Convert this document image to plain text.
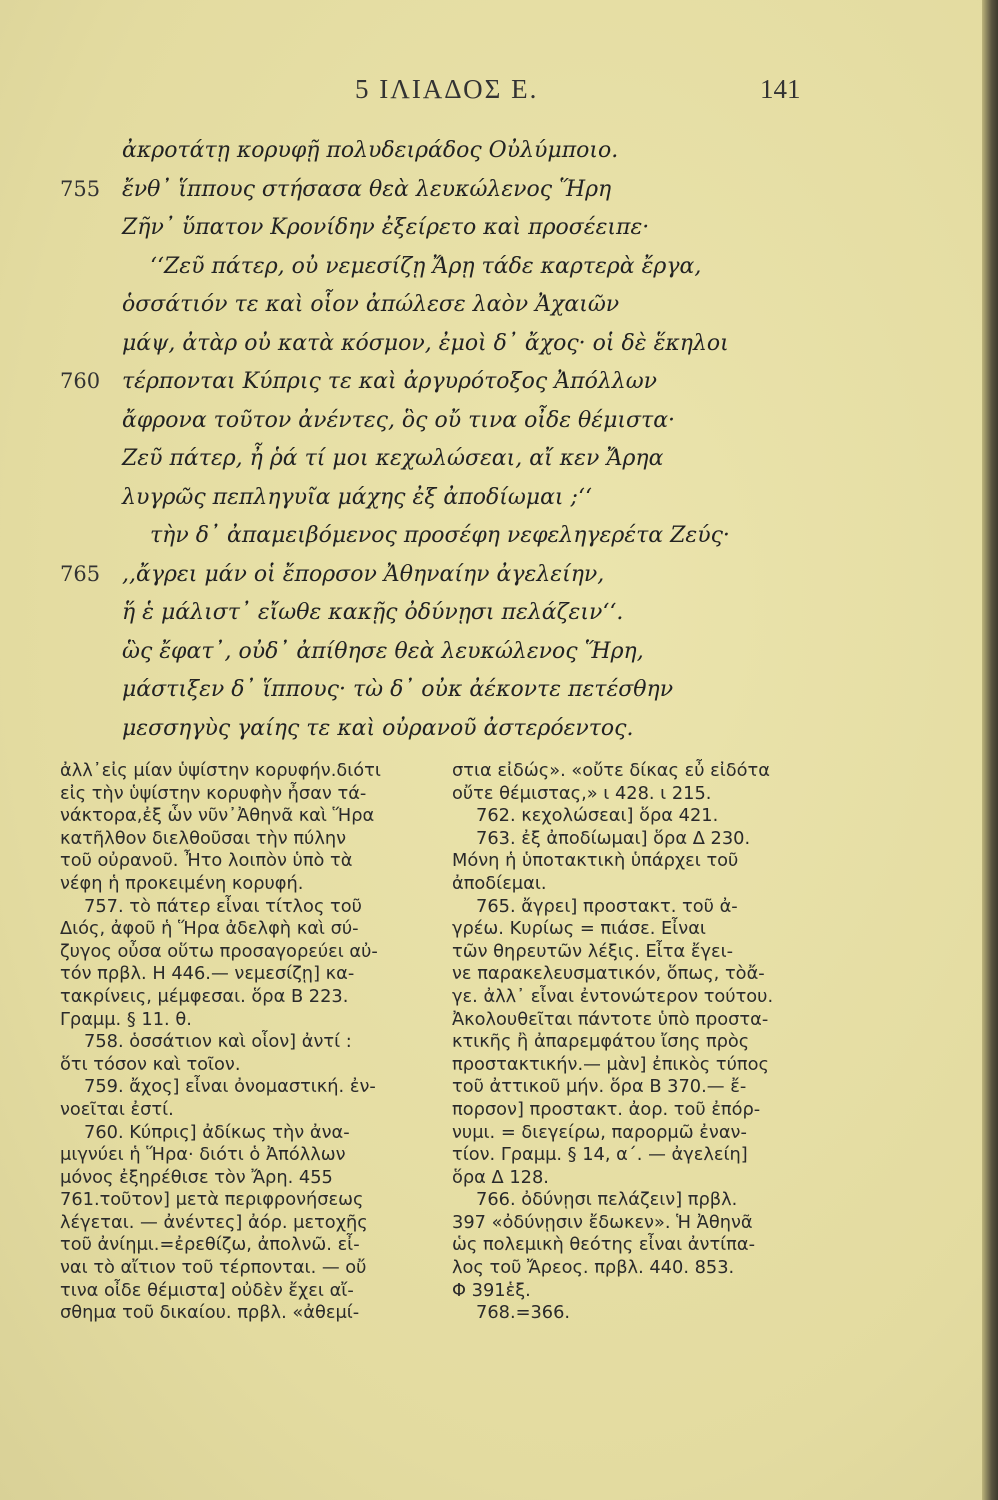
5 ΙΛΙΑΔΟΣ Ε.	141
ἀκροτάτῃ κορυφῇ πολυδειράδος Οὐλύμποιο.
755 ἔνθ᾽ ἵππους στήσασα θεὰ λευκώλενος Ἥρη
Ζῆν᾽ ὕπατον Κρονίδην ἐξείρετο καὶ προσέειπε·
‘‘Ζεῦ πάτερ, οὐ νεμεσίζῃ Ἄρῃ τάδε καρτερὰ ἔργα,
ὁσσάτιόν τε καὶ οἷον ἀπώλεσε λαὸν Ἀχαιῶν
μάψ, ἀτὰρ οὐ κατὰ κόσμον, ἐμοὶ δ᾽ ἄχος· οἱ δὲ ἕκηλοι
760 τέρπονται Κύπρις τε καὶ ἀργυρότοξος Ἀπόλλων
ἄφρονα τοῦτον ἀνέντες, ὃς οὔ τινα οἶδε θέμιστα·
Ζεῦ πάτερ, ἦ ῥά τί μοι κεχωλώσεαι, αἴ κεν Ἄρηα
λυγρῶς πεπληγυῖα μάχης ἐξ ἀποδίωμαι ;‘‘
τὴν δ᾽ ἀπαμειβόμενος προσέφη νεφεληγερέτα Ζεύς·
765 ,,ἄγρει μάν οἱ ἔπορσον Ἀθηναίην ἀγελείην,
ἥ ἑ μάλιστ᾽ εἴωθε κακῇς ὀδύνῃσι πελάζειν‘‘.
ὣς ἔφατ᾽, οὐδ᾽ ἀπίθησε θεὰ λευκώλενος Ἥρη,
μάστιξεν δ᾽ ἵππους· τὼ δ᾽ οὐκ ἀέκοντε πετέσθην
μεσσηγὺς γαίης τε καὶ οὐρανοῦ ἀστερόεντος.
ἀλλ᾽εἰς μίαν ὑψίστην κορυφήν.διότι
εἰς τὴν ὑψίστην κορυφὴν ἦσαν τά-
νάκτορα,ἐξ ὧν νῦν᾽Ἀθηνᾶ καὶ Ἥρα
κατῆλθον διελθοῦσαι τὴν πύλην
τοῦ οὐρανοῦ. Ἦτο λοιπὸν ὑπὸ τὰ
νέφη ἡ προκειμένη κορυφή.
757. τὸ πάτερ εἶναι τίτλος τοῦ
Διός, ἀφοῦ ἡ Ἥρα ἀδελφὴ καὶ σύ-
ζυγος οὖσα οὕτω προσαγορεύει αὐ-
τόν πρβλ. Η 446.— νεμεσίζῃ] κα-
τακρίνεις, μέμφεσαι. ὅρα Β 223.
Γραμμ. § 11. θ.
758. ὁσσάτιον καὶ οἷον] ἀντί :
ὅτι τόσον καὶ τοῖον.
759. ἄχος] εἶναι ὀνομαστική. ἐν-
νοεῖται ἐστί.
760. Κύπρις] ἀδίκως τὴν ἀνα-
μιγνύει ἡ Ἥρα· διότι ὁ Ἀπόλλων
μόνος ἐξηρέθισε τὸν Ἄρη. 455
761.τοῦτον] μετὰ περιφρονήσεως
λέγεται. — ἀνέντες] ἀόρ. μετοχῆς
τοῦ ἀνίημι.=ἐρεθίζω, ἀπολνῶ. εἶ-
ναι τὸ αἴτιον τοῦ τέρπονται. — οὔ
τινα οἶδε θέμιστα] οὐδὲν ἔχει αἴ-
σθημα τοῦ δικαίου. πρβλ. «ἀθεμί-
στια εἰδώς». «οὔτε δίκας εὖ εἰδότα
οὔτε θέμιστας,» ι 428. ι 215.
762. κεχολώσεαι] ὅρα 421.
763. ἐξ ἀποδίωμαι] ὅρα Δ 230.
Μόνη ἡ ὑποτακτικὴ ὑπάρχει τοῦ
ἀποδίεμαι.
765. ἄγρει] προστακτ. τοῦ ἀ-
γρέω. Κυρίως = πιάσε. Εἶναι
τῶν θηρευτῶν λέξις. Εἶτα ἔγει-
νε παρακελευσματικόν, ὅπως, τὸἄ-
γε. ἀλλ᾽ εἶναι ἐντονώτερον τούτου.
Ἀκολουθεῖται πάντοτε ὑπὸ προστα-
κτικῆς ἢ ἀπαρεμφάτου ἴσης πρὸς
προστακτικήν.— μὰν] ἐπικὸς τύπος
τοῦ ἀττικοῦ μήν. ὅρα Β 370.— ἔ-
πορσον] προστακτ. ἀορ. τοῦ ἐπόρ-
νυμι. = διεγείρω, παρορμῶ ἐναν-
τίον. Γραμμ. § 14, α΄. — ἀγελείη]
ὅρα Δ 128.
766. ὀδύνῃσι πελάζειν] πρβλ.
397 «ὀδύνῃσιν ἔδωκεν». Ἡ Ἀθηνᾶ
ὡς πολεμικὴ θεότης εἶναι ἀντίπα-
λος τοῦ Ἄρεος. πρβλ. 440. 853.
Φ 391ἑξ.
768.=366.
